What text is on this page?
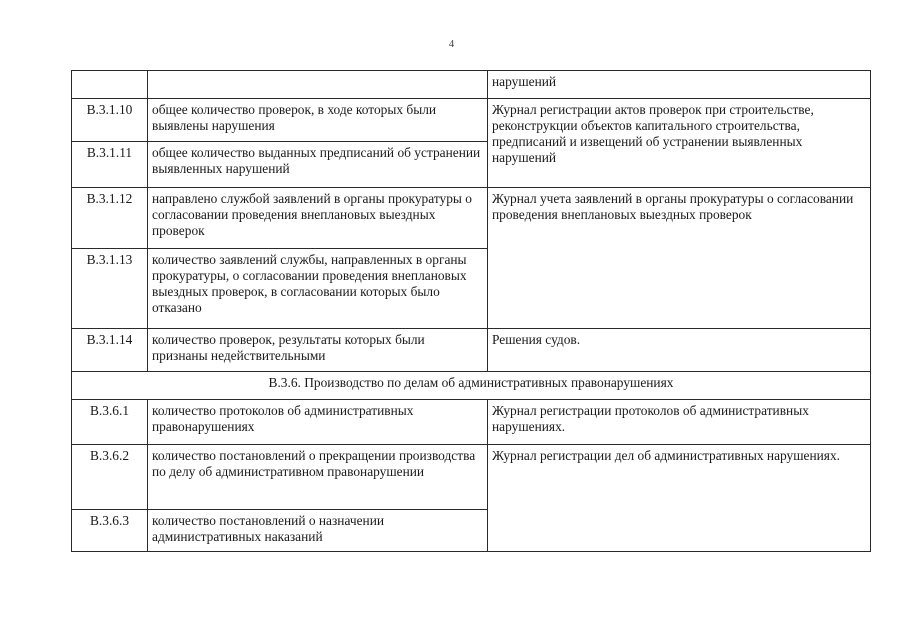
4
		нарушений
В.3.1.10	общее количество проверок, в ходе которых были выявлены нарушения	Журнал регистрации актов проверок при строительстве, реконструкции объектов капитального строительства, предписаний и извещений об устранении выявленных нарушений
В.3.1.11	общее количество выданных предписаний об устранении выявленных нарушений	
В.3.1.12	направлено службой заявлений в органы прокуратуры о согласовании проведения внеплановых выездных проверок	Журнал учета заявлений в органы прокуратуры о согласовании проведения внеплановых выездных проверок
В.3.1.13	количество заявлений службы, направленных в органы прокуратуры, о согласовании проведения внеплановых выездных проверок, в согласовании которых было отказано	
В.3.1.14	количество проверок, результаты которых были признаны недействительными	Решения судов.
В.3.6. Производство по делам об административных правонарушениях		
В.3.6.1	количество протоколов об административных правонарушениях	Журнал регистрации протоколов об административных нарушениях.
В.3.6.2	количество постановлений о прекращении производства по делу об административном правонарушении	Журнал регистрации дел об административных нарушениях.
В.3.6.3	количество постановлений о назначении административных наказаний	
